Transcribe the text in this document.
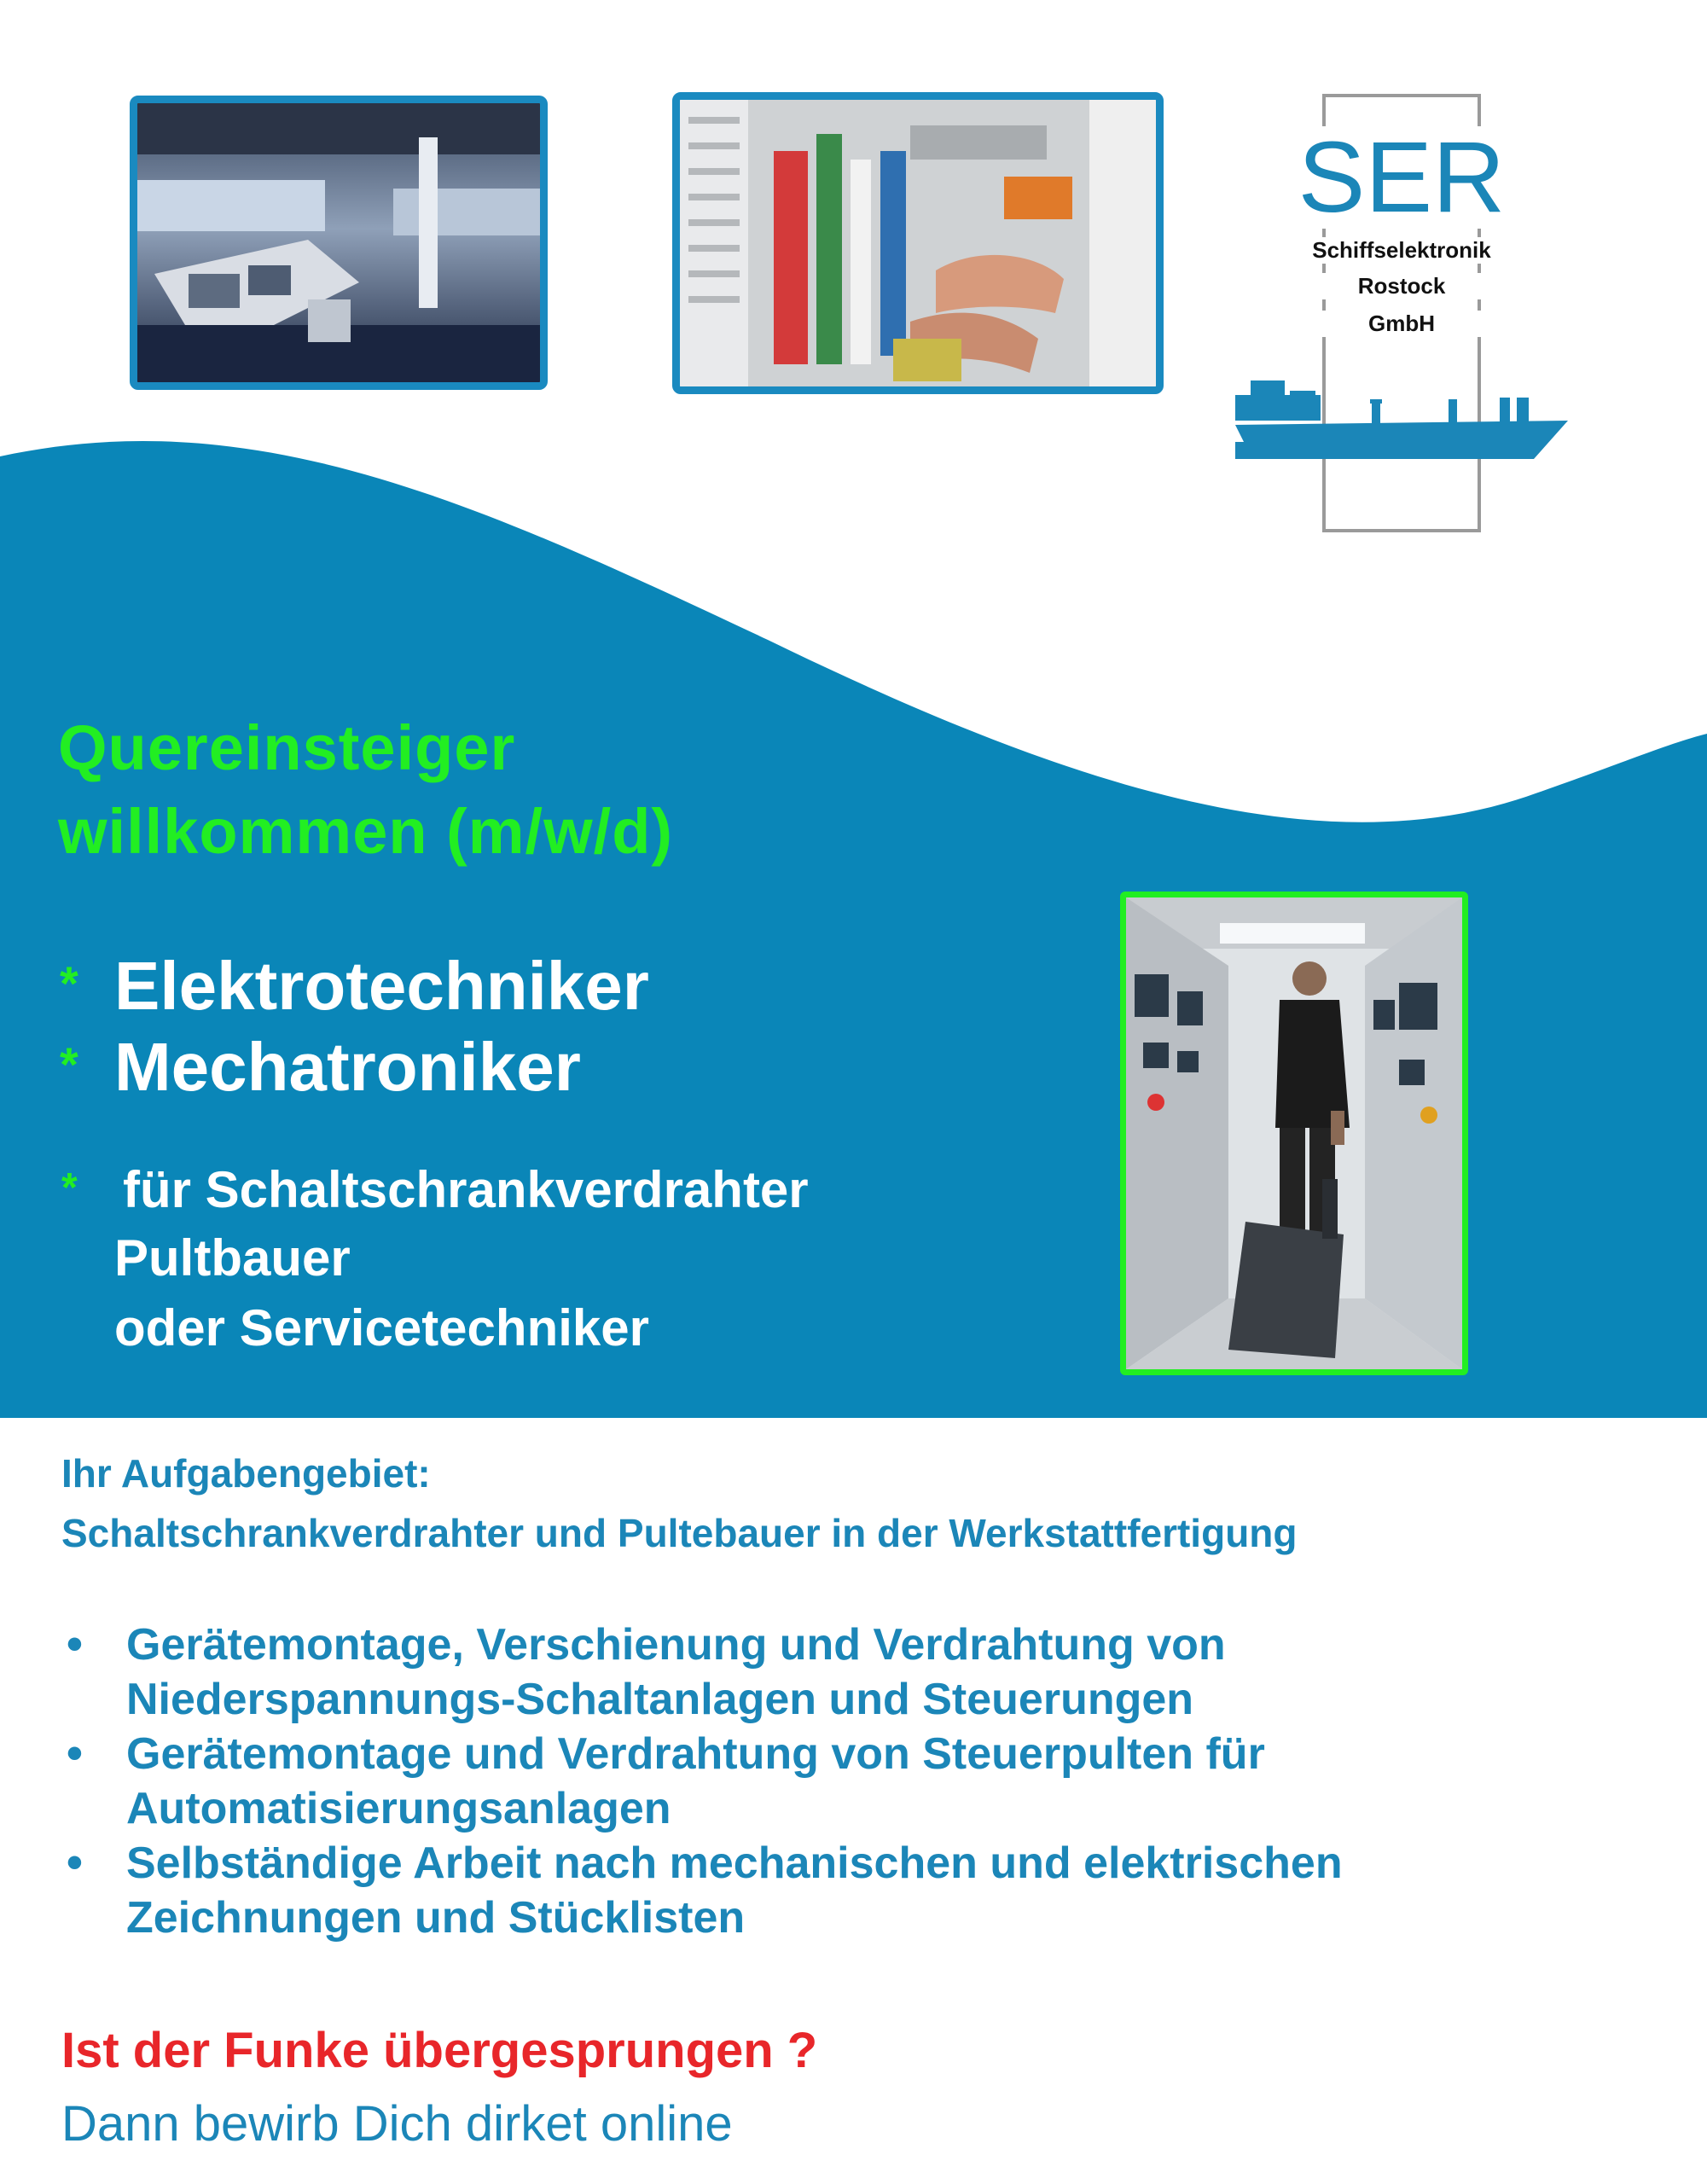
SER
Schiffselektronik
Rostock
GmbH
Quereinsteiger
willkommen (m/w/d)
* Elektrotechniker
* Mechatroniker
* für Schaltschrankverdrahter
Pultbauer
oder Servicetechniker
Ihr Aufgabengebiet:
Schaltschrankverdrahter und Pultebauer in der Werkstattfertigung
• Gerätemontage, Verschienung und Verdrahtung von
Niederspannungs-Schaltanlagen und Steuerungen
• Gerätemontage und Verdrahtung von Steuerpulten für
Automatisierungsanlagen
• Selbständige Arbeit nach mechanischen und elektrischen
Zeichnungen und Stücklisten
Ist der Funke übergesprungen ?
Dann bewirb Dich dirket online
